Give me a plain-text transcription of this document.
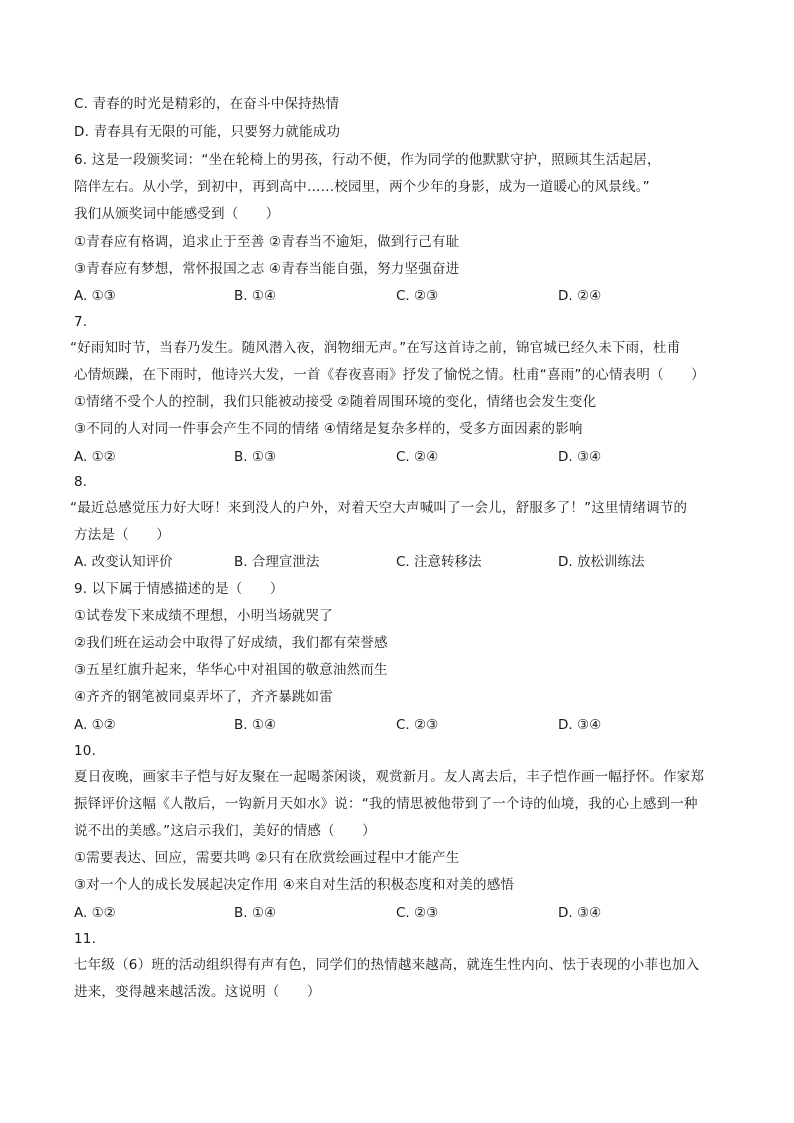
C. 青春的时光是精彩的，在奋斗中保持热情
D. 青春具有无限的可能，只要努力就能成功
6. 这是一段颁奖词：“坐在轮椅上的男孩，行动不便，作为同学的他默默守护，照顾其生活起居，
陪伴左右。从小学，到初中，再到高中……校园里，两个少年的身影，成为一道暖心的风景线。”
我们从颁奖词中能感受到（　　）
①青春应有格调，追求止于至善 ②青春当不逾矩，做到行己有耻
③青春应有梦想，常怀报国之志 ④青春当能自强，努力坚强奋进
A. ①③	B. ①④	C. ②③	D. ②④
7.
“好雨知时节，当春乃发生。随风潜入夜，润物细无声。”在写这首诗之前，锦官城已经久未下雨，杜甫
心情烦躁，在下雨时，他诗兴大发，一首《春夜喜雨》抒发了愉悦之情。杜甫“喜雨”的心情表明（　　）
①情绪不受个人的控制，我们只能被动接受 ②随着周围环境的变化，情绪也会发生变化
③不同的人对同一件事会产生不同的情绪 ④情绪是复杂多样的，受多方面因素的影响
A. ①②	B. ①③	C. ②④	D. ③④
8.
“最近总感觉压力好大呀！来到没人的户外，对着天空大声喊叫了一会儿，舒服多了！”这里情绪调节的
方法是（　　）
A. 改变认知评价	B. 合理宣泄法	C. 注意转移法	D. 放松训练法
9. 以下属于情感描述的是（　　）
①试卷发下来成绩不理想，小明当场就哭了
②我们班在运动会中取得了好成绩，我们都有荣誉感
③五星红旗升起来，华华心中对祖国的敬意油然而生
④齐齐的钢笔被同桌弄坏了，齐齐暴跳如雷
A. ①②	B. ①④	C. ②③	D. ③④
10.
夏日夜晚，画家丰子恺与好友聚在一起喝茶闲谈，观赏新月。友人离去后，丰子恺作画一幅抒怀。作家郑
振铎评价这幅《人散后，一钩新月天如水》说：“我的情思被他带到了一个诗的仙境，我的心上感到一种
说不出的美感。”这启示我们，美好的情感（　　）
①需要表达、回应，需要共鸣 ②只有在欣赏绘画过程中才能产生
③对一个人的成长发展起决定作用 ④来自对生活的积极态度和对美的感悟
A. ①②	B. ①④	C. ②③	D. ③④
11.
七年级（6）班的活动组织得有声有色，同学们的热情越来越高，就连生性内向、怯于表现的小菲也加入
进来，变得越来越活泼。这说明（　　）
